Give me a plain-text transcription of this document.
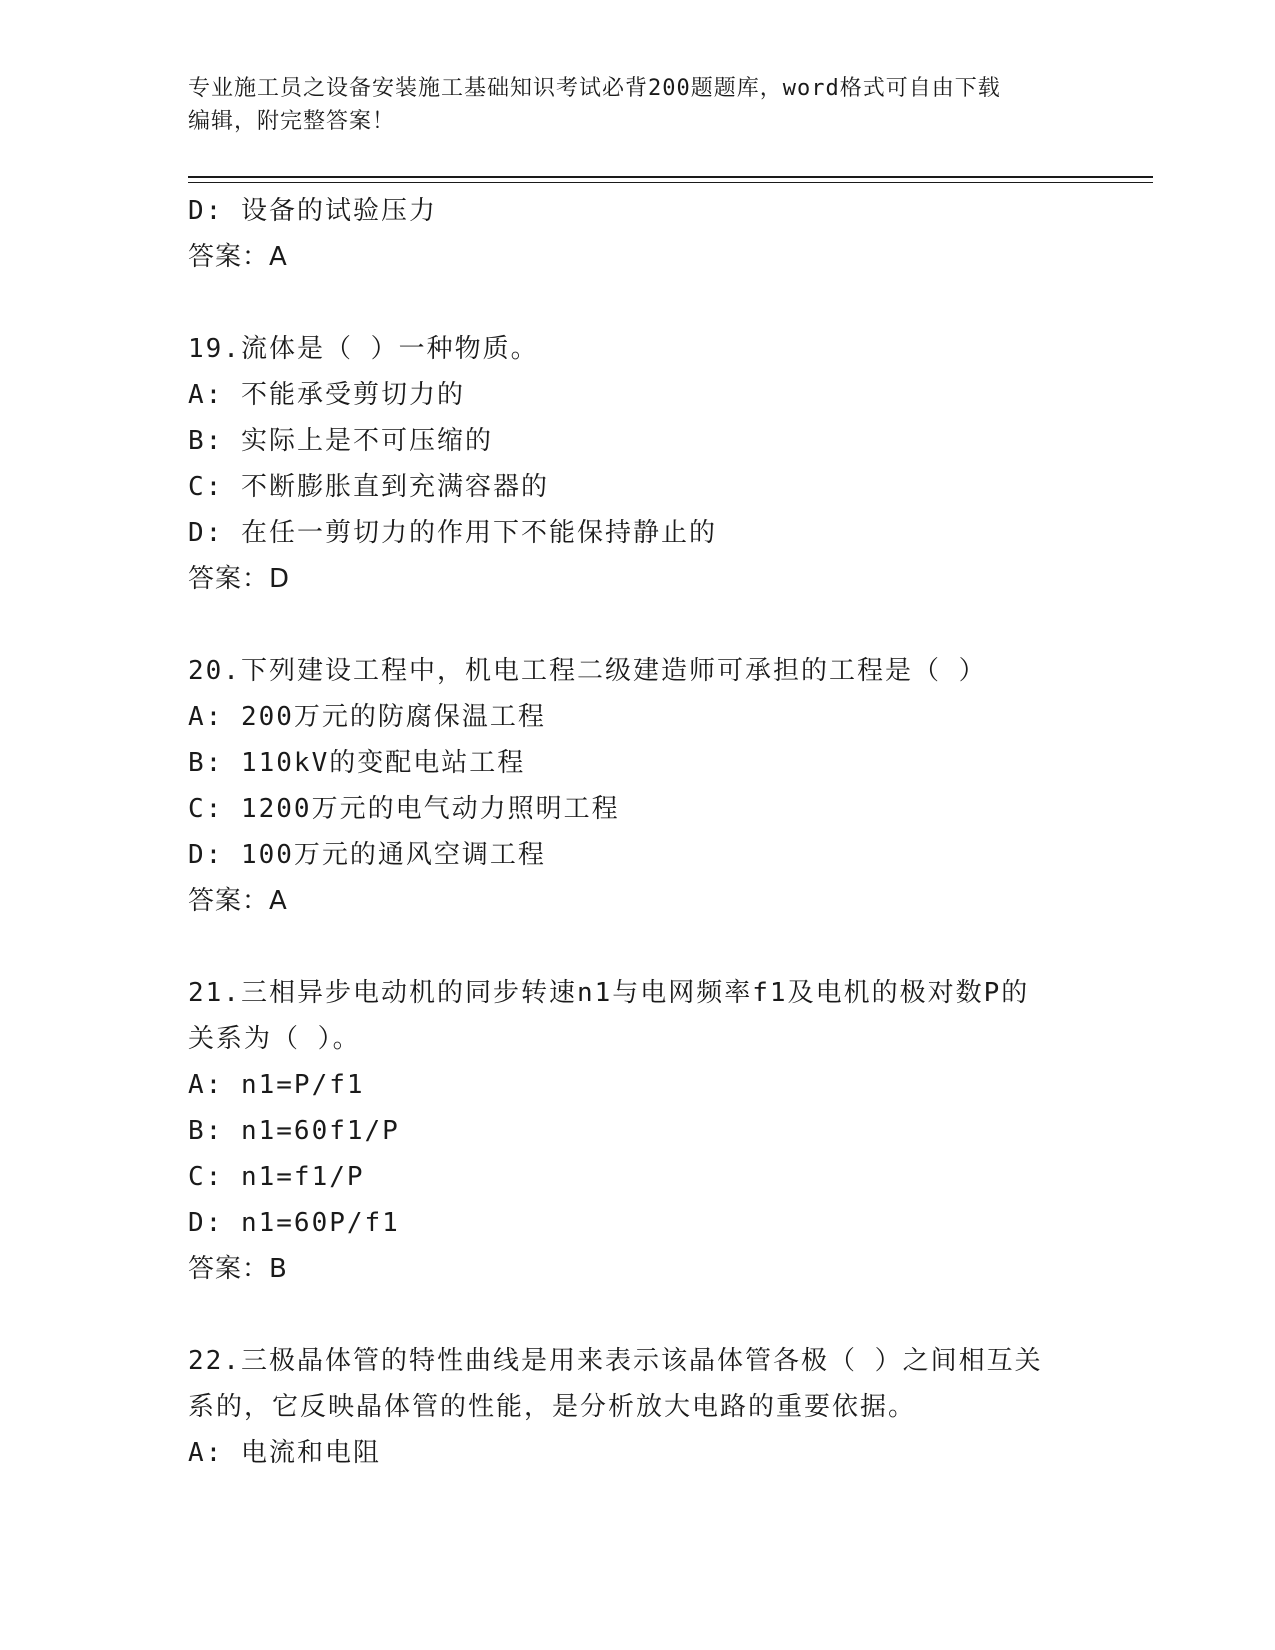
专业施工员之设备安装施工基础知识考试必背200题题库，word格式可自由下载
编辑，附完整答案！
D: 设备的试验压力
答案：A
19.流体是（ ）一种物质。
A: 不能承受剪切力的
B: 实际上是不可压缩的
C: 不断膨胀直到充满容器的
D: 在任一剪切力的作用下不能保持静止的
答案：D
20.下列建设工程中，机电工程二级建造师可承担的工程是（ ）
A: 200万元的防腐保温工程
B: 110kV的变配电站工程
C: 1200万元的电气动力照明工程
D: 100万元的通风空调工程
答案：A
21.三相异步电动机的同步转速n1与电网频率f1及电机的极对数P的
关系为（ ）。
A: n1=P/f1
B: n1=60f1/P
C: n1=f1/P
D: n1=60P/f1
答案：B
22.三极晶体管的特性曲线是用来表示该晶体管各极（ ）之间相互关
系的，它反映晶体管的性能，是分析放大电路的重要依据。
A: 电流和电阻
